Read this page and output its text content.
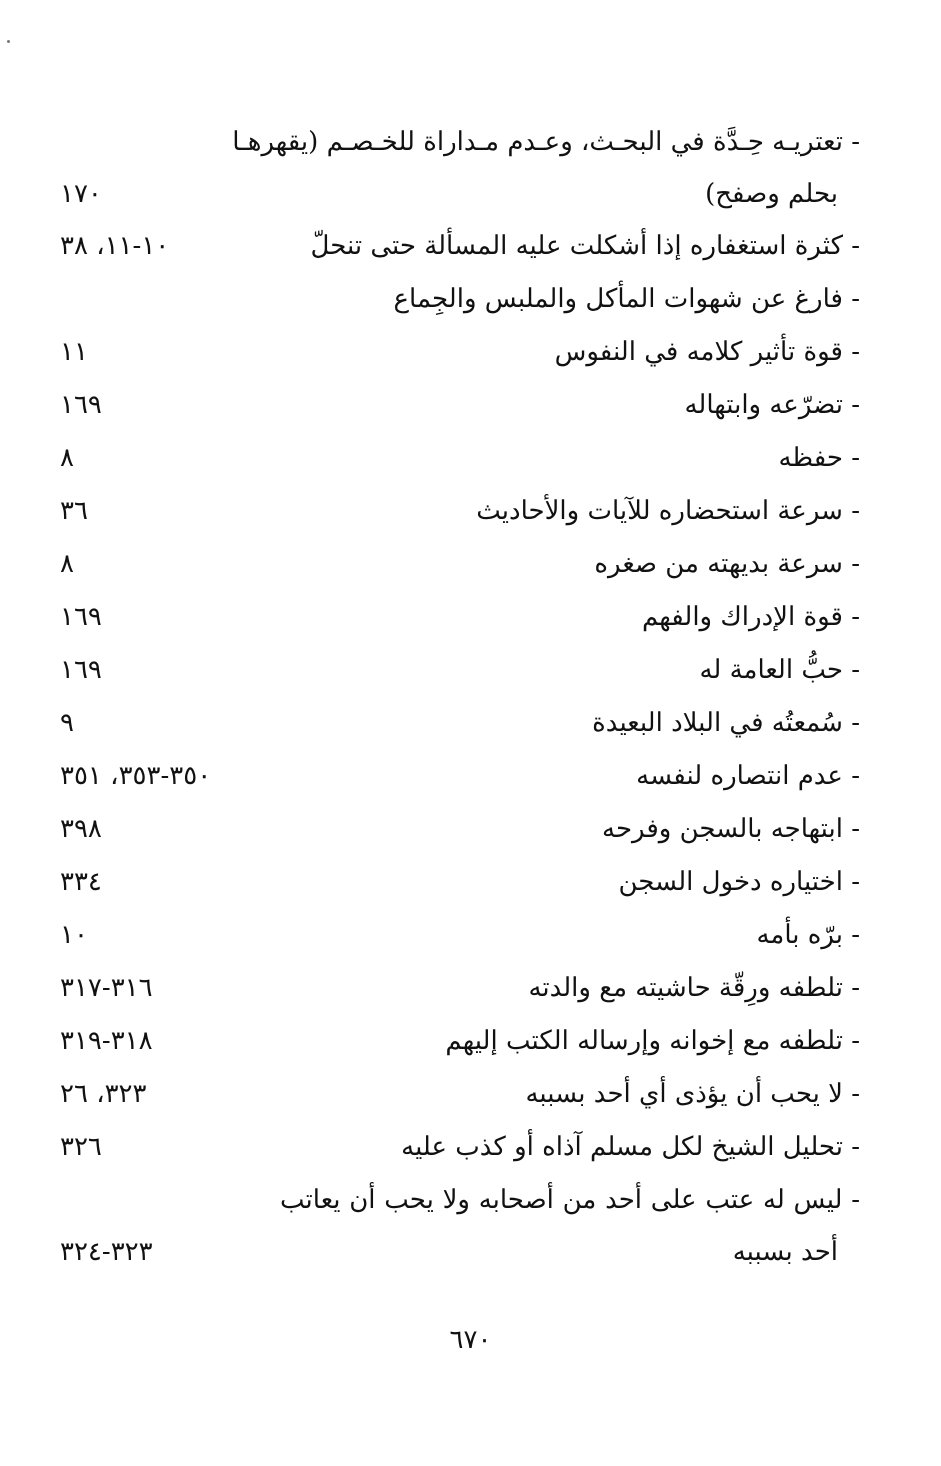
- تعتريـه حِـدَّة في البحـث، وعـدم مـداراة للخـصـم (يقهرهـا
بحلم وصفح)
١٧٠
- كثرة استغفاره إذا أشكلت عليه المسألة حتى تنحلّ
١٠-١١، ٣٨
- فارغ عن شهوات المأكل والملبس والجِماع
- قوة تأثير كلامه في النفوس
١١
- تضرّعه وابتهاله
١٦٩
- حفظه
٨
- سرعة استحضاره للآيات والأحاديث
٣٦
- سرعة بديهته من صغره
٨
- قوة الإدراك والفهم
١٦٩
- حبُّ العامة له
١٦٩
- سُمعتُه في البلاد البعيدة
٩
- عدم انتصاره لنفسه
٣٥٠-٣٥٣، ٣٥١
- ابتهاجه بالسجن وفرحه
٣٩٨
- اختياره دخول السجن
٣٣٤
- برّه بأمه
١٠
- تلطفه ورِقّة حاشيته مع والدته
٣١٦-٣١٧
- تلطفه مع إخوانه وإرساله الكتب إليهم
٣١٨-٣١٩
- لا يحب أن يؤذى أي أحد بسببه
٣٢٣، ٢٦
- تحليل الشيخ لكل مسلم آذاه أو كذب عليه
٣٢٦
- ليس له عتب على أحد من أصحابه ولا يحب أن يعاتب
أحد بسببه
٣٢٣-٣٢٤
٦٧٠
